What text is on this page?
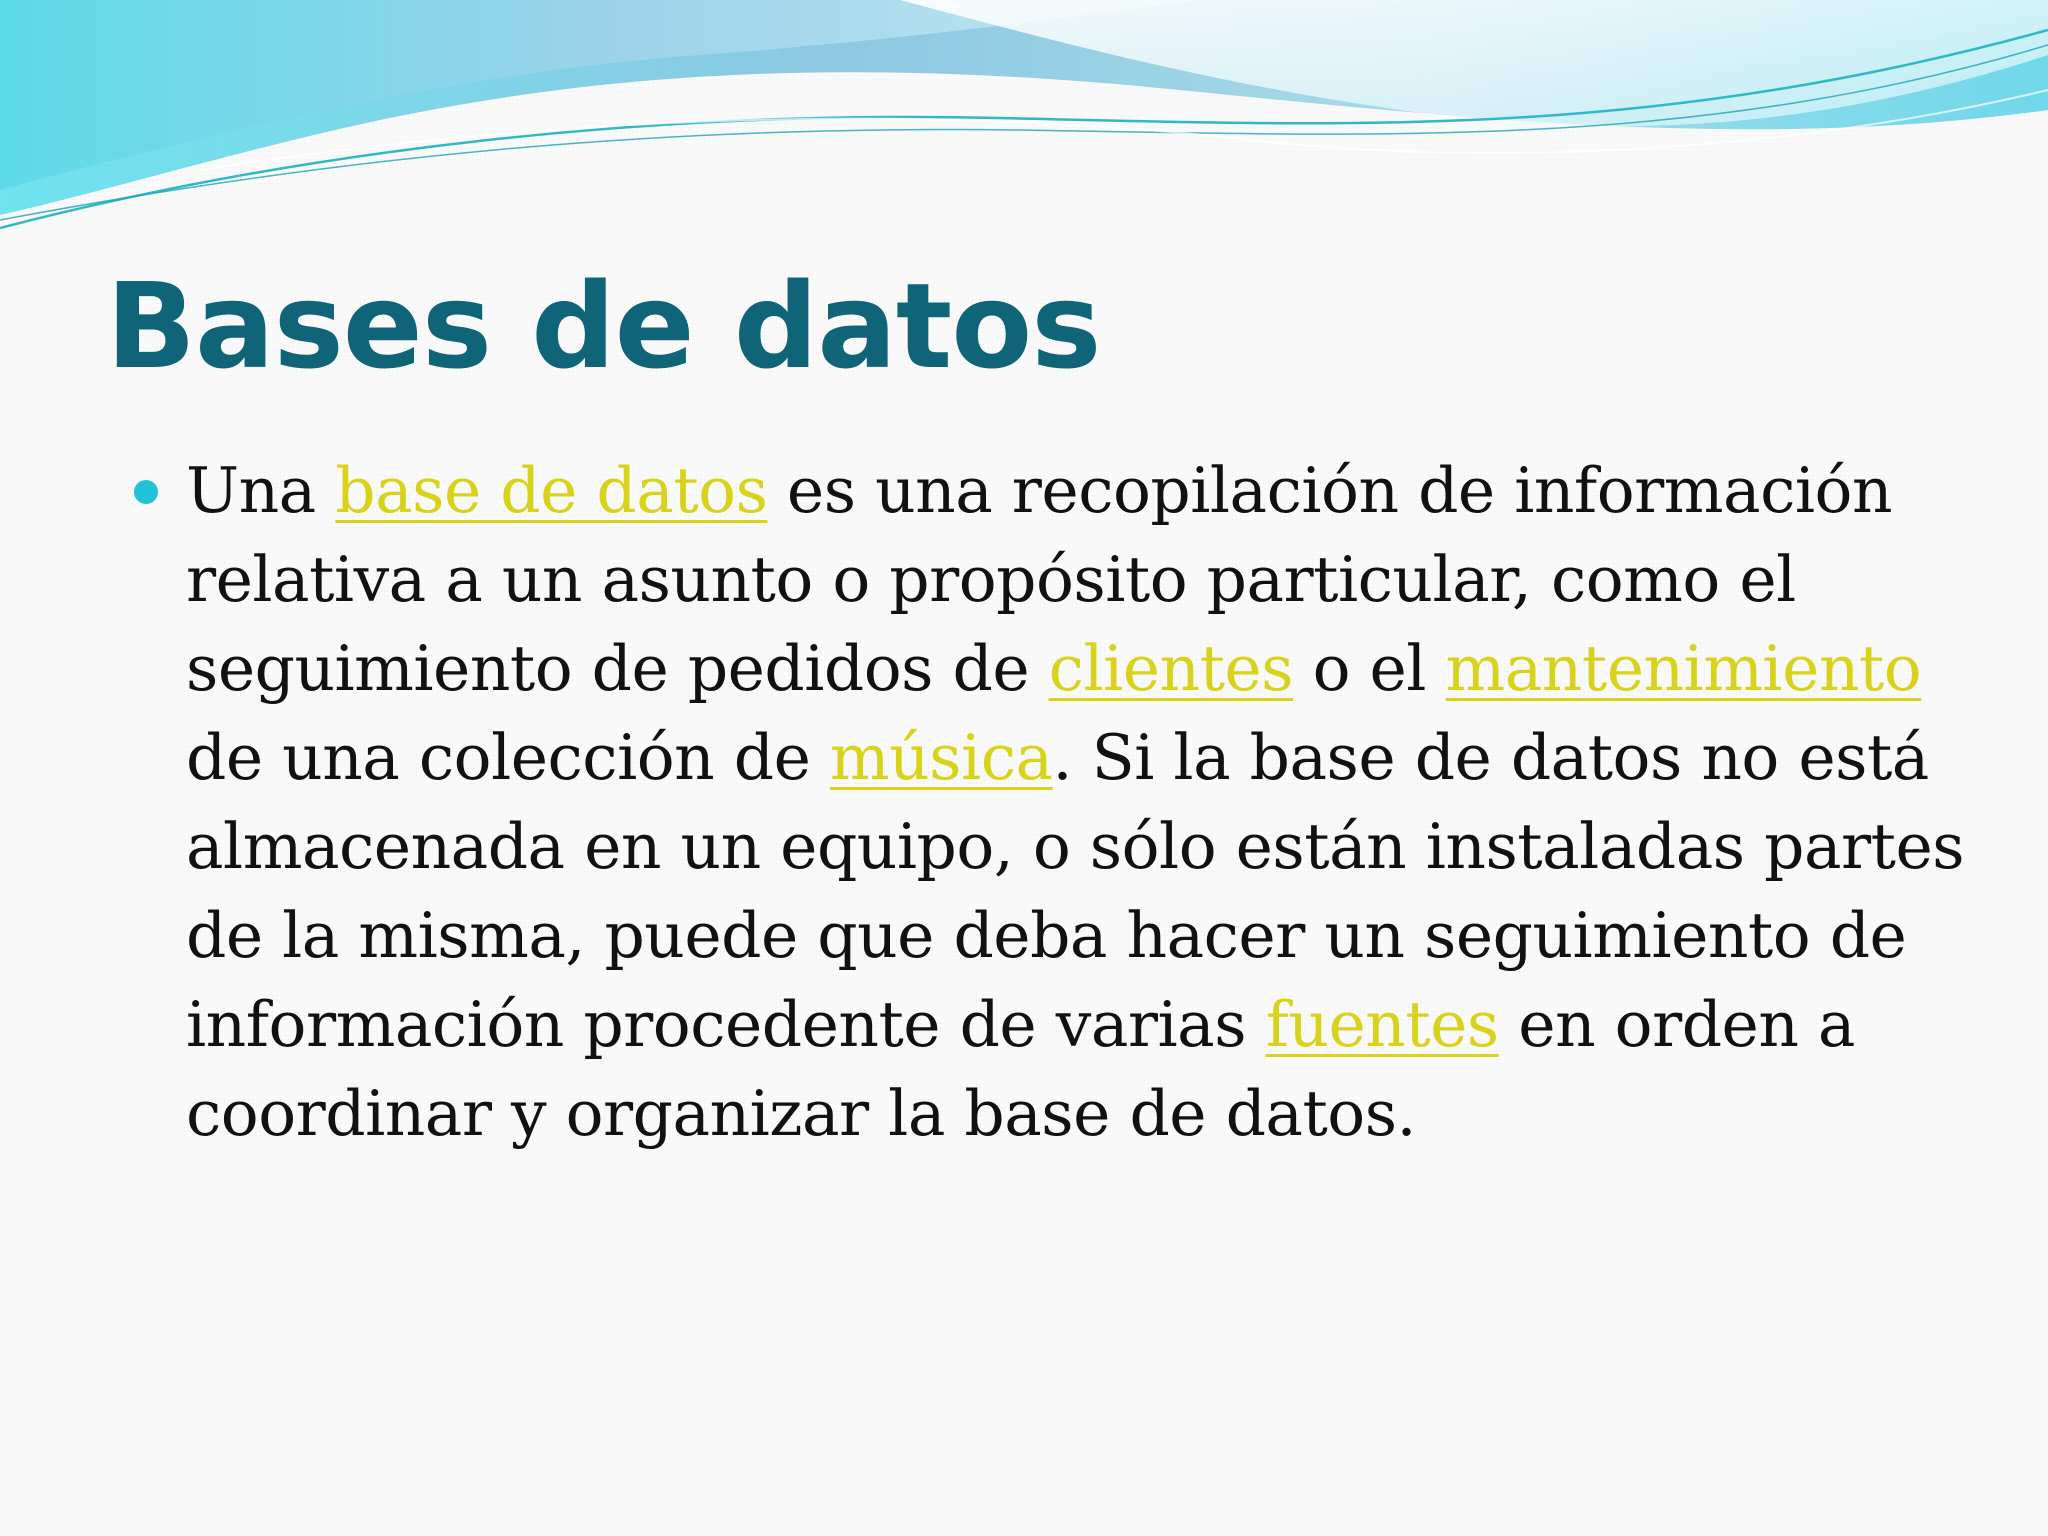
Bases de datos

Una base de datos es una recopilación de información relativa a un asunto o propósito particular, como el seguimiento de pedidos de clientes o el mantenimiento de una colección de música. Si la base de datos no está almacenada en un equipo, o sólo están instaladas partes de la misma, puede que deba hacer un seguimiento de información procedente de varias fuentes en orden a coordinar y organizar la base de datos.
